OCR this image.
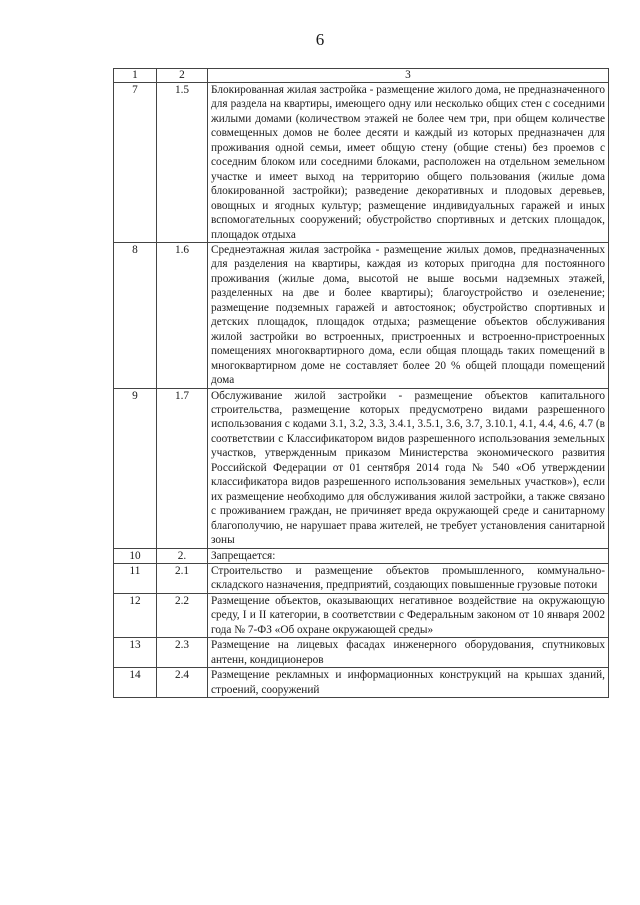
6
1	2	3
7	1.5	Блокированная жилая застройка - размещение жилого дома, не предназначенного для раздела на квартиры, имеющего одну или несколько общих стен с соседними жилыми домами (количеством этажей не более чем три, при общем количестве совмещенных домов не более десяти и каждый из которых предназначен для проживания одной семьи, имеет общую стену (общие стены) без проемов с соседним блоком или соседними блоками, расположен на отдельном земельном участке и имеет выход на территорию общего пользования (жилые дома блокированной застройки); разведение декоративных и плодовых деревьев, овощных и ягодных культур; размещение индивидуальных гаражей и иных вспомогательных сооружений; обустройство спортивных и детских площадок, площадок отдыха
8	1.6	Среднеэтажная жилая застройка - размещение жилых домов, предназначенных для разделения на квартиры, каждая из которых пригодна для постоянного проживания (жилые дома, высотой не выше восьми надземных этажей, разделенных на две и более квартиры); благоустройство и озеленение; размещение подземных гаражей и автостоянок; обустройство спортивных и детских площадок, площадок отдыха; размещение объектов обслуживания жилой застройки во встроенных, пристроенных и встроенно-пристроенных помещениях многоквартирного дома, если общая площадь таких помещений в многоквартирном доме не составляет более 20 % общей площади помещений дома
9	1.7	Обслуживание жилой застройки - размещение объектов капитального строительства, размещение которых предусмотрено видами разрешенного использования с кодами 3.1, 3.2, 3.3, 3.4.1, 3.5.1, 3.6, 3.7, 3.10.1, 4.1, 4.4, 4.6, 4.7 (в соответствии с Классификатором видов разрешенного использования земельных участков, утвержденным приказом Министерства экономического развития Российской Федерации от 01 сентября 2014 года № 540 «Об утверждении классификатора видов разрешенного использования земельных участков»), если их размещение необходимо для обслуживания жилой застройки, а также связано с проживанием граждан, не причиняет вреда окружающей среде и санитарному благополучию, не нарушает права жителей, не требует установления санитарной зоны
10	2.	Запрещается:
11	2.1	Строительство и размещение объектов промышленного, коммунально-складского назначения, предприятий, создающих повышенные грузовые потоки
12	2.2	Размещение объектов, оказывающих негативное воздействие на окружающую среду, I и II категории, в соответствии с Федеральным законом от 10 января 2002 года № 7-ФЗ «Об охране окружающей среды»
13	2.3	Размещение на лицевых фасадах инженерного оборудования, спутниковых антенн, кондиционеров
14	2.4	Размещение рекламных и информационных конструкций на крышах зданий, строений, сооружений
